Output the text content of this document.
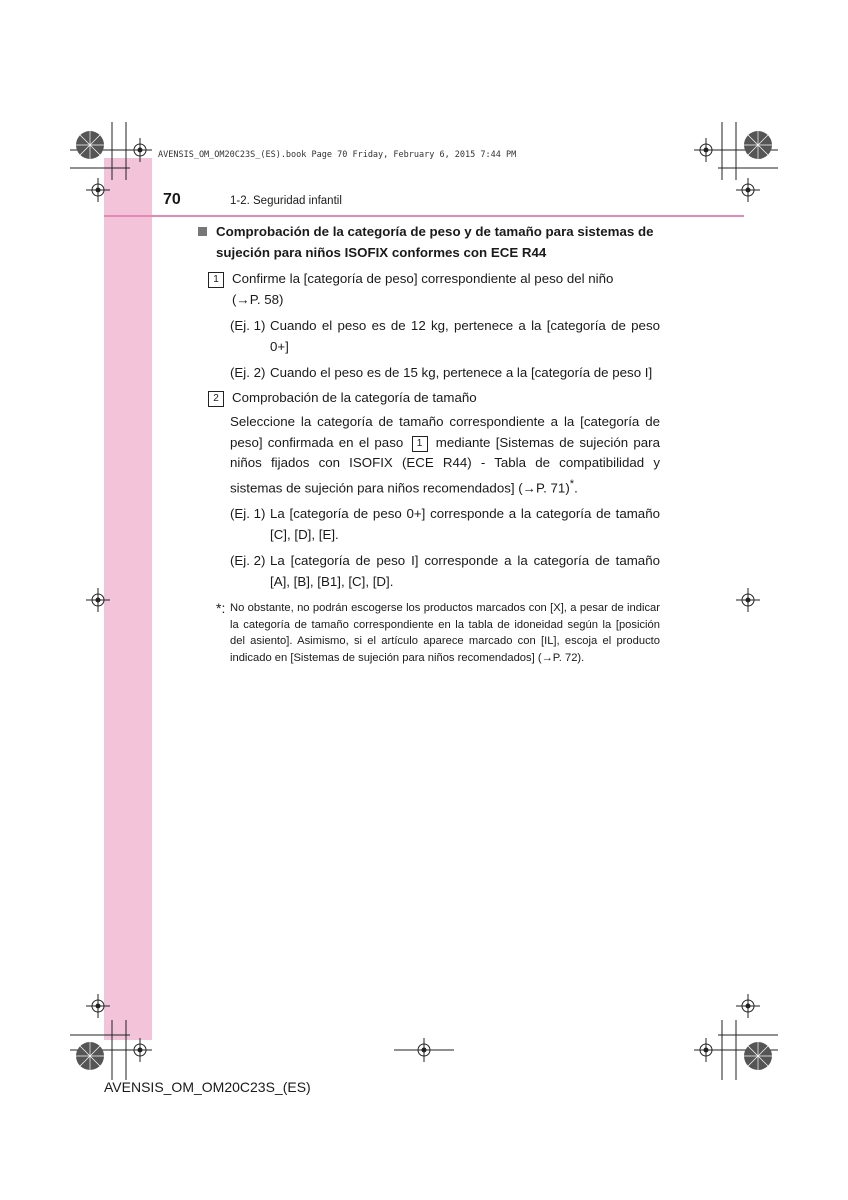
AVENSIS_OM_OM20C23S_(ES).book Page 70 Friday, February 6, 2015 7:44 PM
70	1-2. Seguridad infantil
Comprobación de la categoría de peso y de tamaño para sistemas de
sujeción para niños ISOFIX conformes con ECE R44
1 Confirme la [categoría de peso] correspondiente al peso del niño
(→P. 58)
(Ej. 1) Cuando el peso es de 12 kg, pertenece a la [categoría de peso 0+]
(Ej. 2) Cuando el peso es de 15 kg, pertenece a la [categoría de peso I]
2 Comprobación de la categoría de tamaño
Seleccione la categoría de tamaño correspondiente a la [categoría de peso] confirmada en el paso 1 mediante [Sistemas de sujeción para niños fijados con ISOFIX (ECE R44) - Tabla de compatibilidad y sistemas de sujeción para niños recomendados] (→P. 71)*.
(Ej. 1) La [categoría de peso 0+] corresponde a la categoría de tamaño [C], [D], [E].
(Ej. 2) La [categoría de peso I] corresponde a la categoría de tamaño [A], [B], [B1], [C], [D].
*: No obstante, no podrán escogerse los productos marcados con [X], a pesar de indicar la categoría de tamaño correspondiente en la tabla de idoneidad según la [posición del asiento]. Asimismo, si el artículo aparece marcado con [IL], escoja el producto indicado en [Sistemas de sujeción para niños recomendados] (→P. 72).
AVENSIS_OM_OM20C23S_(ES)
